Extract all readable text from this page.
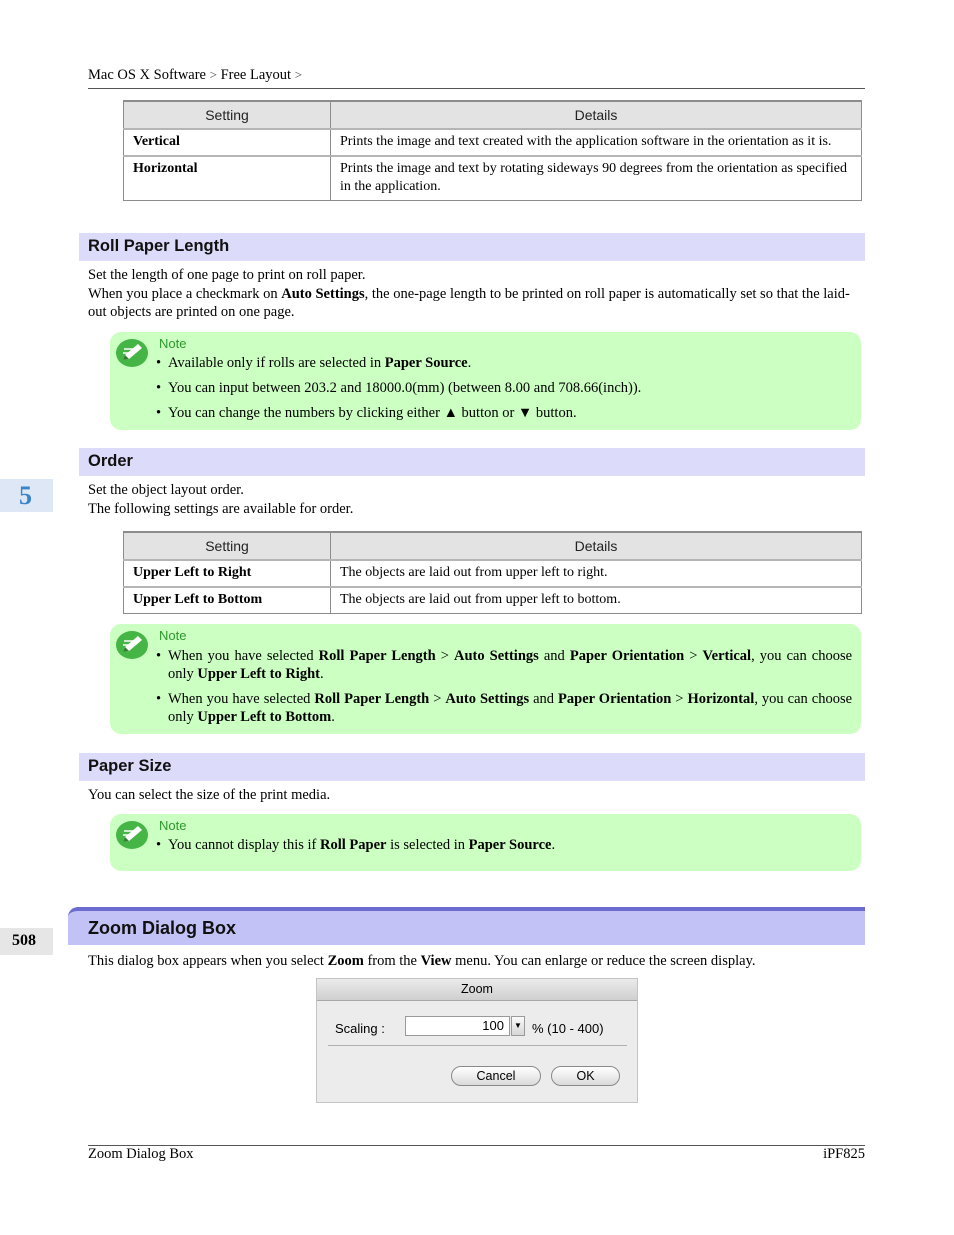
Mac OS X Software > Free Layout >
Setting	Details
Vertical	Prints the image and text created with the application software in the orientation as it is.
Horizontal	Prints the image and text by rotating sideways 90 degrees from the orientation as specified in the application.
Roll Paper Length
Set the length of one page to print on roll paper.
When you place a checkmark on Auto Settings, the one-page length to be printed on roll paper is automatically set so that the laid-out objects are printed on one page.
Note
• Available only if rolls are selected in Paper Source.
• You can input between 203.2 and 18000.0(mm) (between 8.00 and 708.66(inch)).
• You can change the numbers by clicking either ▲ button or ▼ button.
Order
Set the object layout order.
The following settings are available for order.
Setting	Details
Upper Left to Right	The objects are laid out from upper left to right.
Upper Left to Bottom	The objects are laid out from upper left to bottom.
Note
• When you have selected Roll Paper Length > Auto Settings and Paper Orientation > Vertical, you can choose only Upper Left to Right.
• When you have selected Roll Paper Length > Auto Settings and Paper Orientation > Horizontal, you can choose only Upper Left to Bottom.
Paper Size
You can select the size of the print media.
Note
• You cannot display this if Roll Paper is selected in Paper Source.
5
508
Zoom Dialog Box
This dialog box appears when you select Zoom from the View menu. You can enlarge or reduce the screen display.
Zoom
Scaling :	100	▼ % (10 - 400)
Cancel	OK
Zoom Dialog Box	iPF825
